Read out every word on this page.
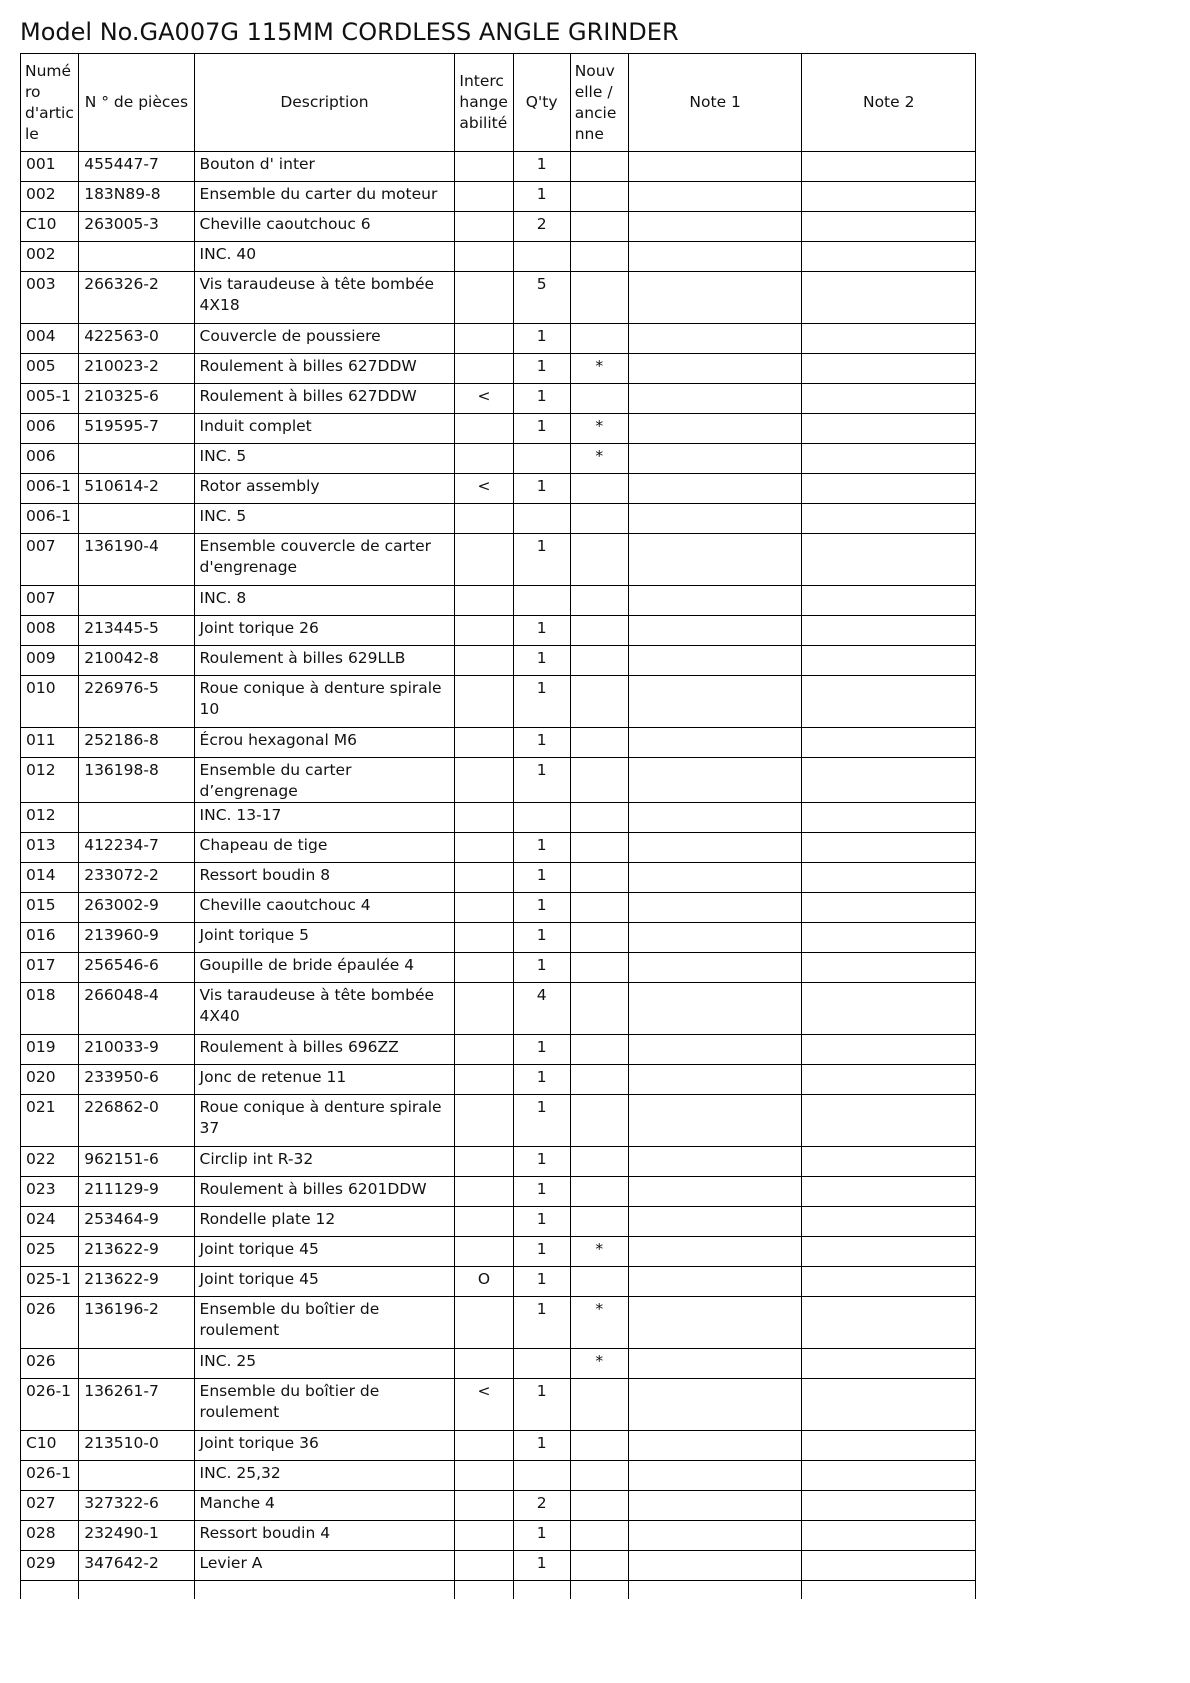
Model No.GA007G 115MM CORDLESS ANGLE GRINDER
Numéro d'article	N ° de pièces	Description	Interchangeabilité	Q'ty	Nouvelle / ancienne	Note 1	Note 2
001	455447-7	Bouton d' inter		1			
002	183N89-8	Ensemble du carter du moteur		1			
C10	263005-3	Cheville caoutchouc 6		2			
002		INC. 40					
003	266326-2	Vis taraudeuse à tête bombée 4X18		5			
004	422563-0	Couvercle de poussiere		1			
005	210023-2	Roulement à billes 627DDW		1	*		
005-1	210325-6	Roulement à billes 627DDW	<	1			
006	519595-7	Induit complet		1	*		
006		INC. 5			*		
006-1	510614-2	Rotor assembly	<	1			
006-1		INC. 5					
007	136190-4	Ensemble couvercle de carter d'engrenage		1			
007		INC. 8					
008	213445-5	Joint torique 26		1			
009	210042-8	Roulement à billes 629LLB		1			
010	226976-5	Roue conique à denture spirale 10		1			
011	252186-8	Écrou hexagonal M6		1			
012	136198-8	Ensemble du carter d’engrenage		1			
012		INC. 13-17					
013	412234-7	Chapeau de tige		1			
014	233072-2	Ressort boudin 8		1			
015	263002-9	Cheville caoutchouc 4		1			
016	213960-9	Joint torique 5		1			
017	256546-6	Goupille de bride épaulée 4		1			
018	266048-4	Vis taraudeuse à tête bombée 4X40		4			
019	210033-9	Roulement à billes 696ZZ		1			
020	233950-6	Jonc de retenue 11		1			
021	226862-0	Roue conique à denture spirale 37		1			
022	962151-6	Circlip int R-32		1			
023	211129-9	Roulement à billes 6201DDW		1			
024	253464-9	Rondelle plate 12		1			
025	213622-9	Joint torique 45		1	*		
025-1	213622-9	Joint torique 45	O	1			
026	136196-2	Ensemble du boîtier de roulement		1	*		
026		INC. 25			*		
026-1	136261-7	Ensemble du boîtier de roulement	<	1			
C10	213510-0	Joint torique 36		1			
026-1		INC. 25,32					
027	327322-6	Manche 4		2			
028	232490-1	Ressort boudin 4		1			
029	347642-2	Levier A		1			
